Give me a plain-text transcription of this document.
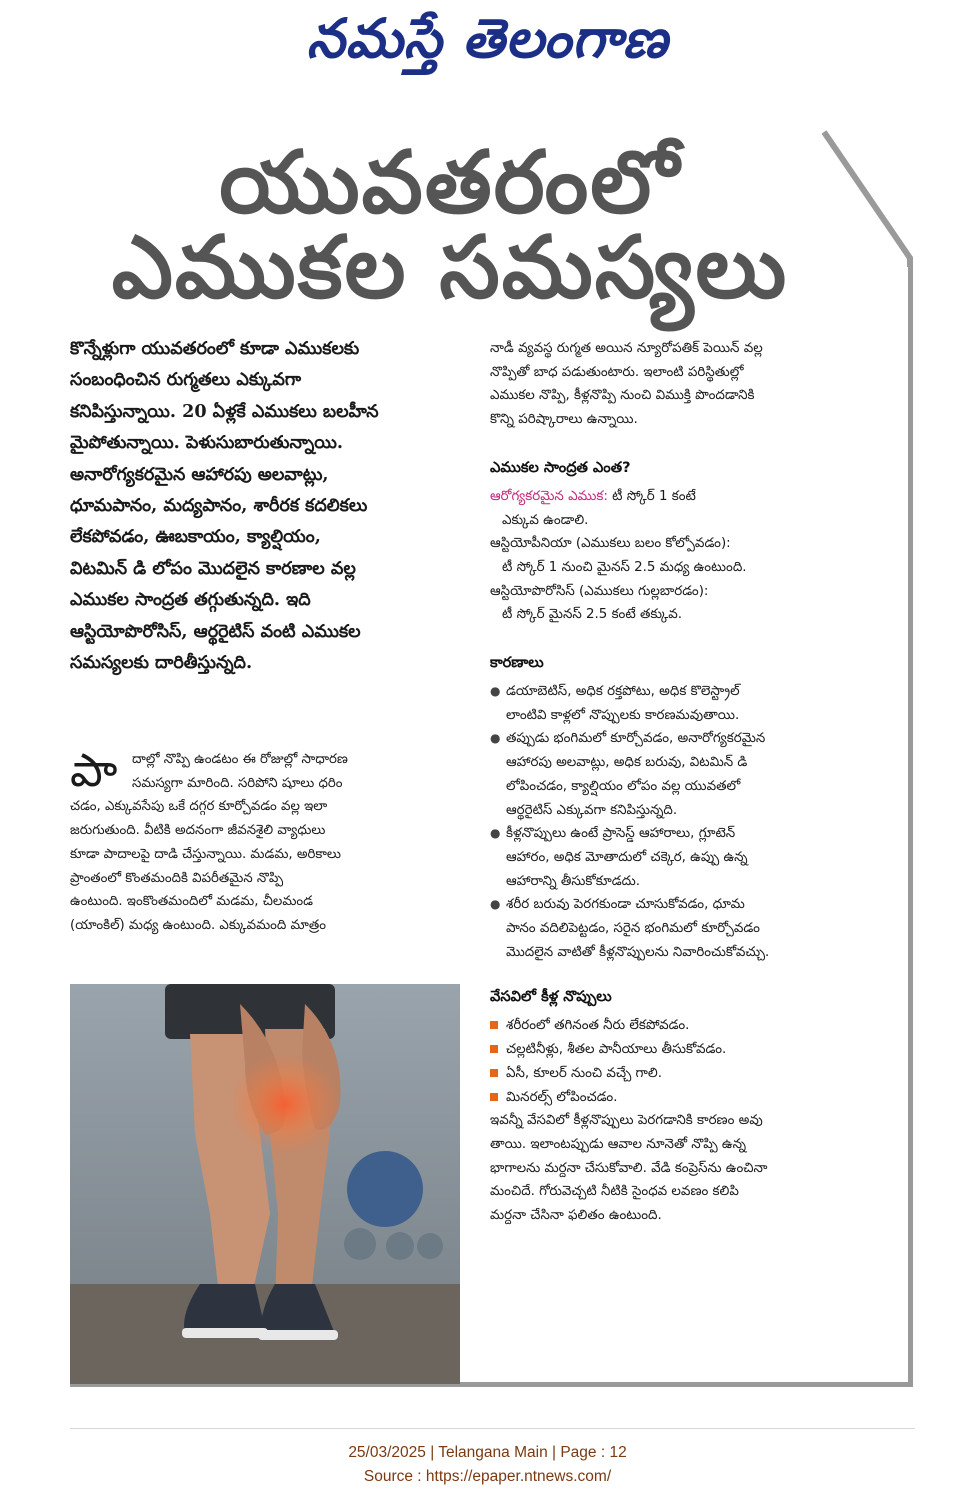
నమస్తే తెలంగాణ
యువతరంలో
ఎముకల సమస్యలు

కొన్నేళ్లుగా యువతరంలో కూడా ఎముకలకు

సంబంధించిన రుగ్మతలు ఎక్కువగా

కనిపిస్తున్నాయి. 20 ఏళ్లకే ఎముకలు బలహీన

మైపోతున్నాయి. పెళుసుబారుతున్నాయి.

అనారోగ్యకరమైన ఆహారపు అలవాట్లు,

ధూమపానం, మద్యపానం, శారీరక కదలికలు

లేకపోవడం, ఊబకాయం, క్యాల్షియం,

విటమిన్ డి లోపం మొదలైన కారణాల వల్ల

ఎముకల సాంద్రత తగ్గుతున్నది. ఇది

ఆస్టియోపొరోసిస్, ఆర్థరైటిస్ వంటి ఎముకల

సమస్యలకు దారితీస్తున్నది.

పా	దాల్లో నొప్పి ఉండటం ఈ రోజుల్లో సాధారణ

సమస్యగా మారింది. సరిపోని షూలు ధరిం

చడం, ఎక్కువసేపు ఒకే దగ్గర కూర్చోవడం వల్ల ఇలా

జరుగుతుంది. వీటికి అదనంగా జీవనశైలి వ్యాధులు

కూడా పాదాలపై దాడి చేస్తున్నాయి. మడమ, అరికాలు

ప్రాంతంలో కొంతమందికి విపరీతమైన నొప్పి

ఉంటుంది. ఇంకొంతమందిలో మడమ, చీలమండ

(యాంకిల్) మధ్య ఉంటుంది. ఎక్కువమంది మాత్రం

నాడీ వ్యవస్థ రుగ్మత అయిన న్యూరోపతిక్ పెయిన్ వల్ల

నొప్పితో బాధ పడుతుంటారు. ఇలాంటి పరిస్థితుల్లో

ఎముకల నొప్పి, కీళ్లనొప్పి నుంచి విముక్తి పొందడానికి

కొన్ని పరిష్కారాలు ఉన్నాయి.

ఎముకల సాంద్రత ఎంత?

ఆరోగ్యకరమైన ఎముక: టీ స్కోర్ 1 కంటే

ఎక్కువ ఉండాలి.

ఆస్టియోపీనియా (ఎముకలు బలం కోల్పోవడం):

టీ స్కోర్ 1 నుంచి మైనస్ 2.5 మధ్య ఉంటుంది.

ఆస్టియోపొరోసిస్ (ఎముకలు గుల్లబారడం):

టీ స్కోర్ మైనస్ 2.5 కంటే తక్కువ.

కారణాలు
● డయాబెటిస్, అధిక రక్తపోటు, అధిక కొలెస్ట్రాల్

లాంటివి కాళ్లలో నొప్పులకు కారణమవుతాయి.

● తప్పుడు భంగిమలో కూర్చోవడం, అనారోగ్యకరమైన

ఆహారపు అలవాట్లు, అధిక బరువు, విటమిన్ డి

లోపించడం, క్యాల్షియం లోపం వల్ల యువతలో

ఆర్థరైటిస్ ఎక్కువగా కనిపిస్తున్నది.

● కీళ్లనొప్పులు ఉంటే ప్రాసెస్డ్ ఆహారాలు, గ్లూటెన్

ఆహారం, అధిక మోతాదులో చక్కెర, ఉప్పు ఉన్న

ఆహారాన్ని తీసుకోకూడదు.

● శరీర బరువు పెరగకుండా చూసుకోవడం, ధూమ

పానం వదిలిపెట్టడం, సరైన భంగిమలో కూర్చోవడం

మొదలైన వాటితో కీళ్లనొప్పులను నివారించుకోవచ్చు.

వేసవిలో కీళ్ల నొప్పులు

శరీరంలో తగినంత నీరు లేకపోవడం.

చల్లటినీళ్లు, శీతల పానీయాలు తీసుకోవడం.

ఏసీ, కూలర్ నుంచి వచ్చే గాలి.

మినరల్స్ లోపించడం.

ఇవన్నీ వేసవిలో కీళ్లనొప్పులు పెరగడానికి కారణం అవు

తాయి. ఇలాంటప్పుడు ఆవాల నూనెతో నొప్పి ఉన్న

భాగాలను మర్దనా చేసుకోవాలి. వేడి కంప్రెస్‌ను ఉంచినా

మంచిదే. గోరువెచ్చటి నీటికి సైంధవ లవణం కలిపి

మర్దనా చేసినా ఫలితం ఉంటుంది.

25/03/2025 | Telangana Main | Page : 12
Source : https://epaper.ntnews.com/
